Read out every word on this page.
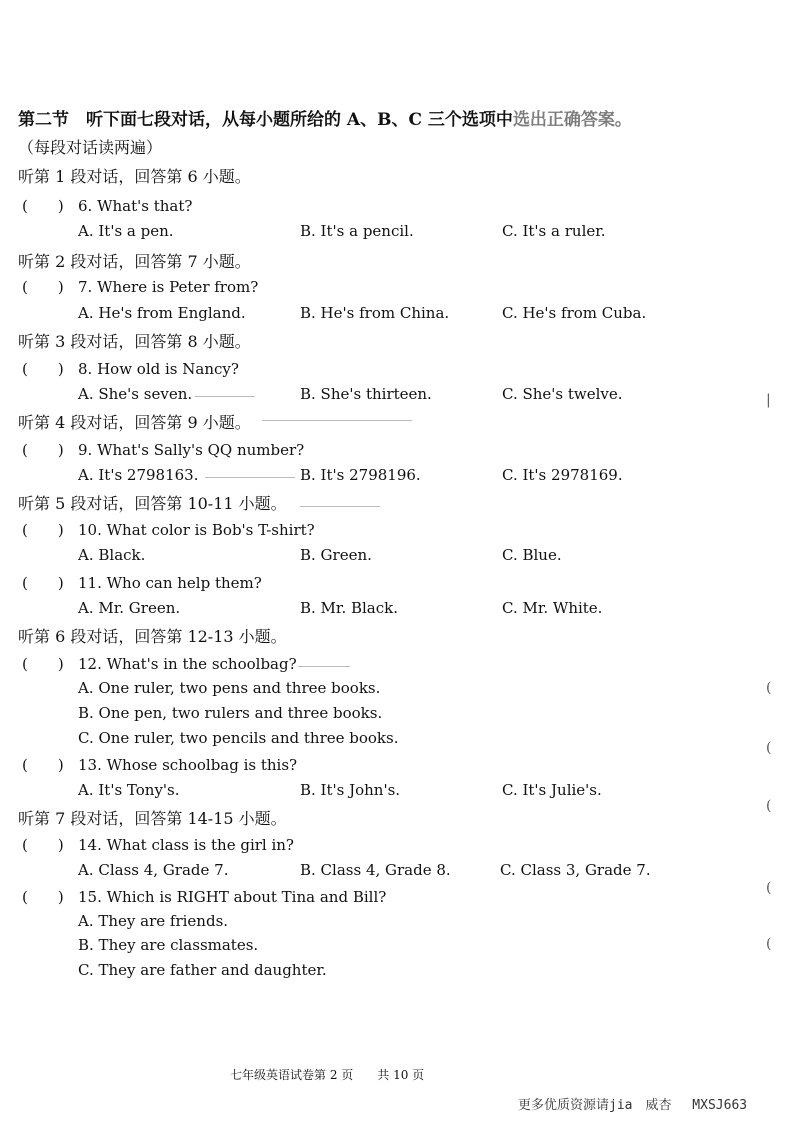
第二节　听下面七段对话，从每小题所给的 A、B、C 三个选项中选出正确答案。
（每段对话读两遍）
听第 1 段对话，回答第 6 小题。
(　　) 6. What's that?
A. It's a pen.	B. It's a pencil.	C. It's a ruler.
听第 2 段对话，回答第 7 小题。
(　　) 7. Where is Peter from?
A. He's from England.	B. He's from China.	C. He's from Cuba.
听第 3 段对话，回答第 8 小题。
(　　) 8. How old is Nancy?
A. She's seven.	B. She's thirteen.	C. She's twelve.
听第 4 段对话，回答第 9 小题。
(　　) 9. What's Sally's QQ number?
A. It's 2798163.	B. It's 2798196.	C. It's 2978169.
听第 5 段对话，回答第 10-11 小题。
(　　) 10. What color is Bob's T-shirt?
A. Black.	B. Green.	C. Blue.
(　　) 11. Who can help them?
A. Mr. Green.	B. Mr. Black.	C. Mr. White.
听第 6 段对话，回答第 12-13 小题。
(　　) 12. What's in the schoolbag?
A. One ruler, two pens and three books.
B. One pen, two rulers and three books.
C. One ruler, two pencils and three books.
(　　) 13. Whose schoolbag is this?
A. It's Tony's.	B. It's John's.	C. It's Julie's.
听第 7 段对话，回答第 14-15 小题。
(　　) 14. What class is the girl in?
A. Class 4, Grade 7.	B. Class 4, Grade 8.	C. Class 3, Grade 7.
(　　) 15. Which is RIGHT about Tina and Bill?
A. They are friends.
B. They are classmates.
C. They are father and daughter.
|
(
(
(
(
(
七年级英语试卷第 2 页　　共 10 页
更多优质资源请jia　威杏　 MXSJ663
